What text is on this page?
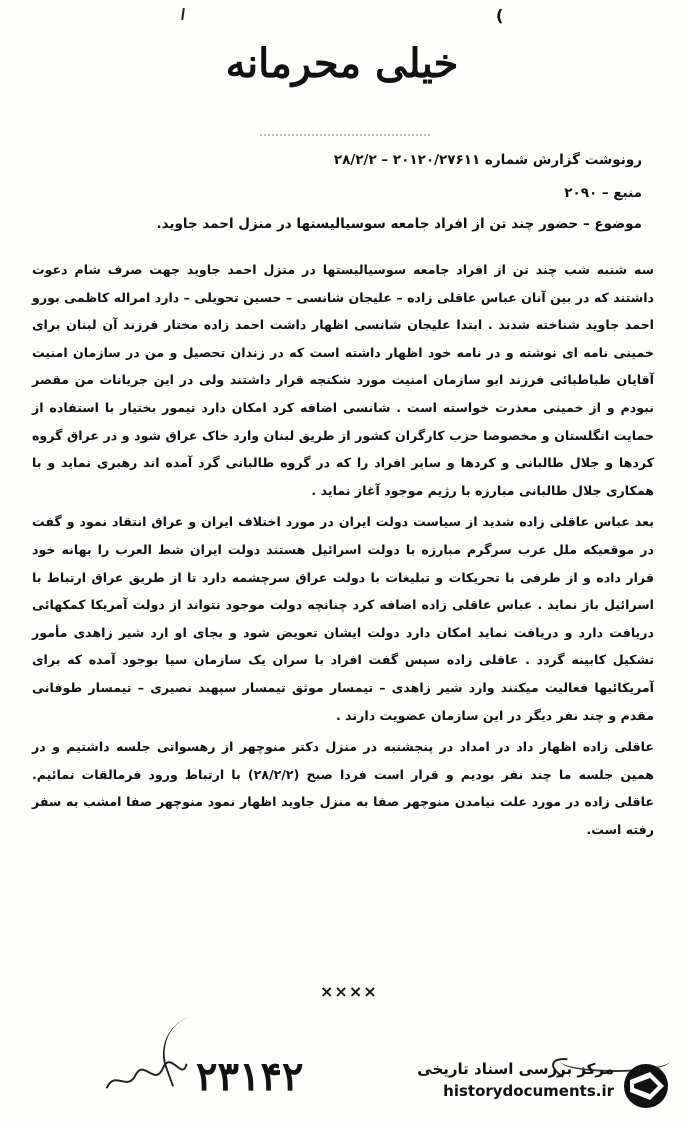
(
خیلی محرمانه
رونوشت گزارش شماره ۲۰۱۲۰/۲۷۶۱۱ – ۲۸/۲/۲
منبع – ۲۰۹۰
موضوع – حضور چند تن از افراد جامعه سوسیالیستها در منزل احمد جاوید.

سه شنبه شب چند تن از افراد جامعه سوسیالیستها در منزل احمد جاوید جهت صرف شام دعوت داشتند که در بین آنان عباس عاقلی زاده – علیجان شانسی – حسین تحویلی – دارد امراله کاظمی بورو احمد جاوید شناخته شدند . ابتدا علیجان شانسی اظهار داشت احمد زاده مختار فرزند آن لبنان برای خمینی نامه ای نوشته و در نامه خود اظهار داشته است که در زندان تحصیل و من در سازمان امنیت آقایان طباطبائی فرزند ابو سازمان امنیت مورد شکنجه قرار داشتند ولی در این جریانات من مقصر نبودم و از خمینی معذرت خواسته است . شانسی اضافه کرد امکان دارد تیمور بختیار با استفاده از حمایت انگلستان و مخصوصا حزب کارگران کشور از طریق لبنان وارد خاک عراق شود و در عراق گروه کردها و جلال طالبانی و کردها و سایر افراد را که در گروه طالبانی گرد آمده اند رهبری نماید و با همکاری جلال طالبانی مبارزه با رژیم موجود آغاز نماید .

بعد عباس عاقلی زاده شدید از سیاست دولت ایران در مورد اختلاف ایران و عراق انتقاد نمود و گفت در موقعیکه ملل عرب سرگرم مبارزه با دولت اسرائیل هستند دولت ایران شط العرب را بهانه خود قرار داده و از طرفی با تحریکات و تبلیغات با دولت عراق سرچشمه دارد تا از طریق عراق ارتباط با اسرائیل باز نماید . عباس عاقلی زاده اضافه کرد چنانچه دولت موجود نتواند از دولت آمریکا کمکهائی دریافت دارد و دریافت نماید امکان دارد دولت ایشان تعویض شود و بجای او ارد شیر زاهدی مأمور تشکیل کابینه گردد . عاقلی زاده سپس گفت افراد با سران یک سازمان سیا بوجود آمده که برای آمریکائیها فعالیت میکنند وارد شیر زاهدی – تیمسار موثق تیمسار سپهبد نصیری – تیمسار طوفانی مقدم و چند نفر دیگر در این سازمان عضویت دارند .

عاقلی زاده اظهار داد در امداد در پنجشنبه در منزل دکتر منوچهر از رهسواتی جلسه داشتیم و در همین جلسه ما چند نفر بودیم و قرار است فردا صبح (۲۸/۲/۲) با ارتباط ورود فرمالقات نمائیم. عاقلی زاده در مورد علت نیامدن منوچهر صفا به منزل جاوید اظهار نمود منوچهر صفا امشب به سفر رفته است.

××××
۲۳۱۴۲	مرکز بررسی اسناد تاریخی
historydocuments.ir
